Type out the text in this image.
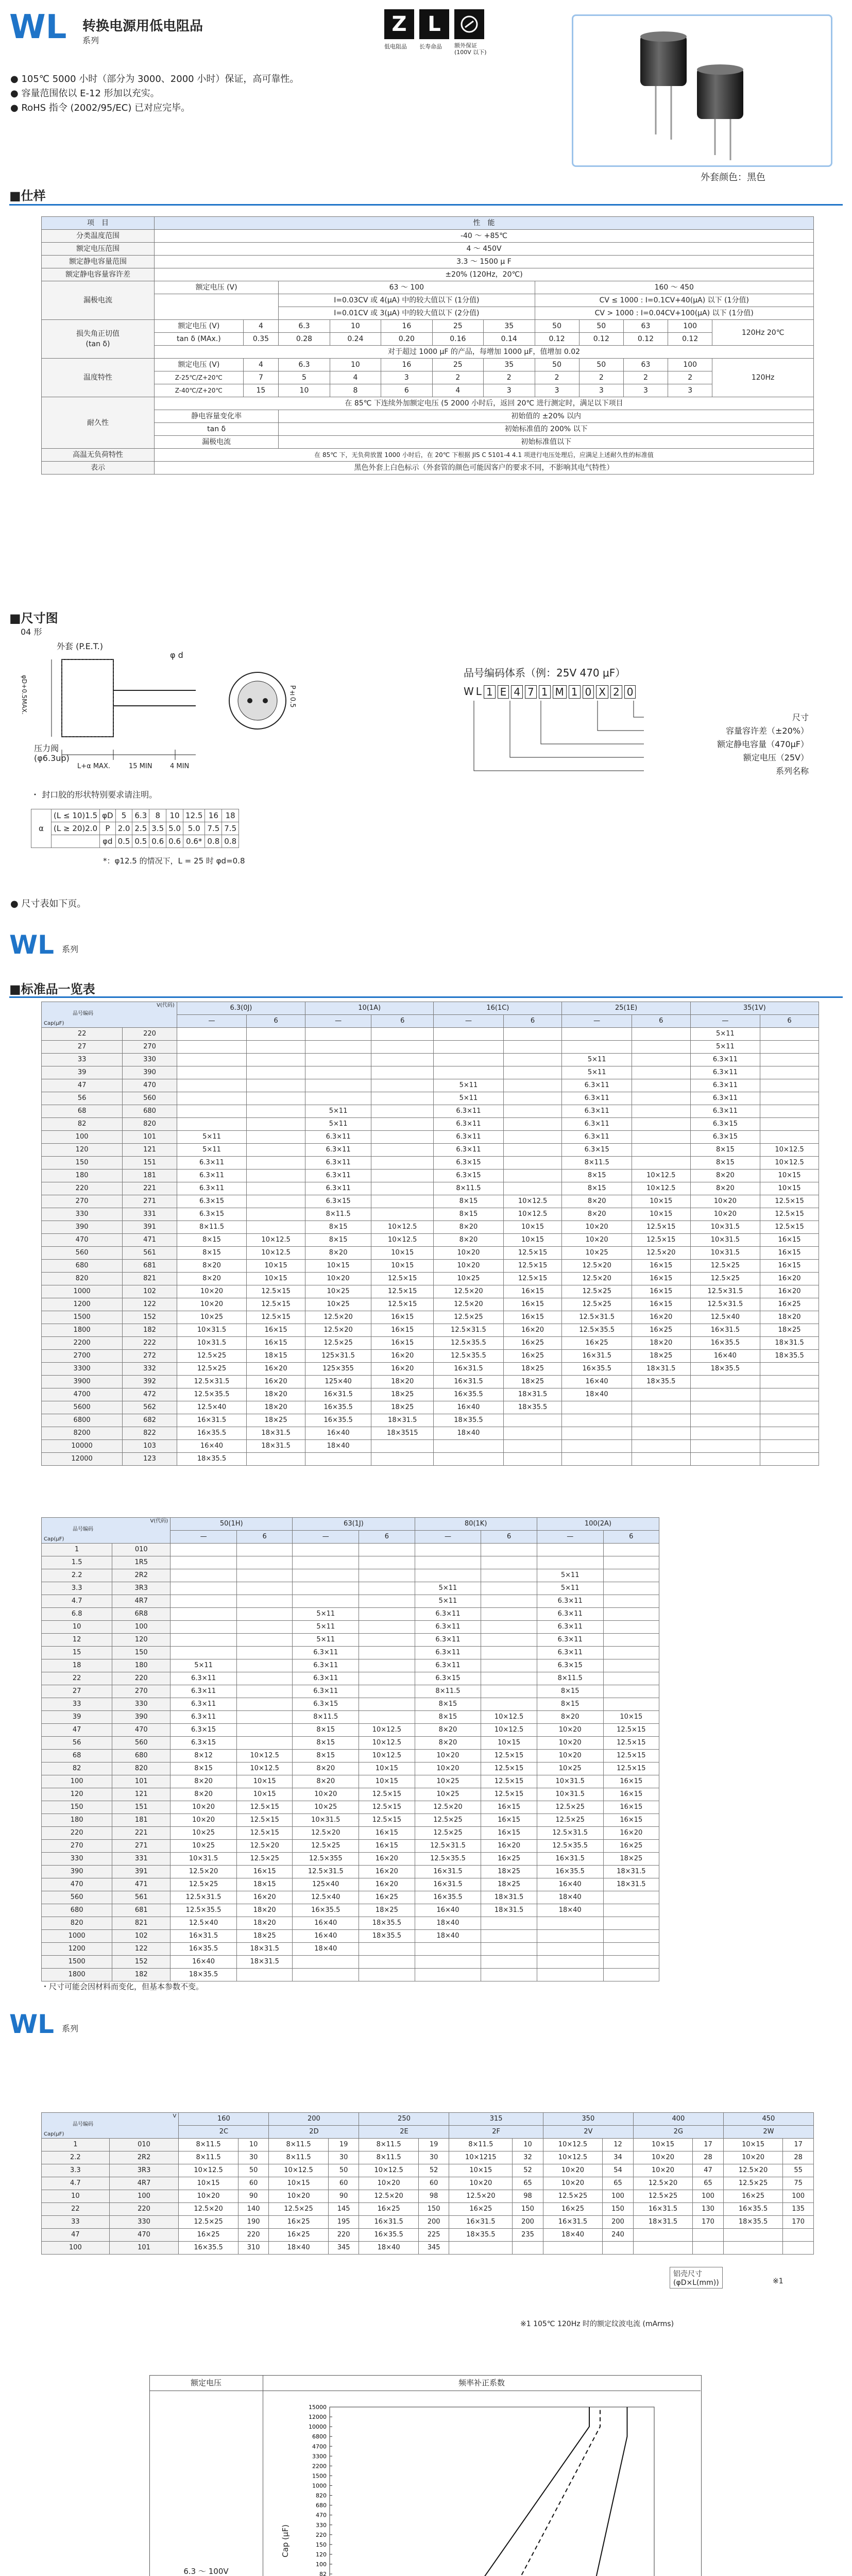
WL 转换电源用低电阻品
系列
Z L
低电阻品 长寿命品 额外保证
(100V 以下)
● 105℃ 5000 小时（部分为 3000、2000 小时）保证，高可靠性。
● 容量范围依以 E-12 形加以充实。
● RoHS 指令 (2002/95/EC) 已对应完毕。
外套颜色：黑色
■仕样
项　目	性　能											
分类温度范围	-40 ～ +85℃											
额定电压范围	4 ～ 450V											
额定静电容量范围	3.3 ～ 1500 μ F											
额定静电容量容许差	±20% (120Hz，20℃)											
漏极电流	额定电压 (V)		63 ～ 100					160 ～ 450				
			I=0.03CV 或 4(μA) 中的较大值以下 (1分值)					CV ≤ 1000 : I=0.1CV+40(μA) 以下 (1分值)				
			I=0.01CV 或 3(μA) 中的较大值以下 (2分值)					CV > 1000 : I=0.04CV+100(μA) 以下 (1分值)				
损失角正切值
(tan δ)	额定电压 (V)	4	6.3	10	16	25	35	50	50	63	100	120Hz 20℃
	tan δ (MAx.)	0.35	0.28	0.24	0.20	0.16	0.14	0.12	0.12	0.12	0.12	
	对于超过 1000 μF 的产品，每增加 1000 μF，值增加 0.02											
温度特性	额定电压 (V)	4	6.3	10	16	25	35	50	50	63	100	120Hz
	Z-25℃/Z+20℃	7	5	4	3	2	2	2	2	2	2	
	Z-40℃/Z+20℃	15	10	8	6	4	3	3	3	3	3	
耐久性	在 85℃ 下连续外加额定电压 (5 2000 小时后，返回 20℃ 进行测定时，满足以下项目											
	静电容量变化率		初始值的 ±20% 以内									
	tan δ		初始标准值的 200% 以下									
	漏极电流		初始标准值以下									
高温无负荷特性	在 85℃ 下，无负荷放置 1000 小时后，在 20℃ 下根据 JIS C 5101-4 4.1 项进行电压处理后，应满足上述耐久性的标准值											
表示	黑色外套上白色标示（外套管的颜色可能因客户的要求不同，不影响其电气特性）											
■尺寸图
04 形
外套 (P.E.T.)
φ d
φD+0.5MAX.
压力阀
(φ6.3up)
L+α MAX.	15 MIN	4 MIN
P±0.5
品号编码体系（例：25V 470 μF）
W L 1 E 4 7 1 M 1 0 X 2 0
尺寸
容量容许差（±20%）
额定静电容量（470μF）
额定电压（25V）
系列名称
・ 封口胶的形状特别要求请注明。
α	(L ≤ 10)1.5	φD	5	6.3	8	10	12.5	16	18
	(L ≥ 20)2.0	P	2.0	2.5	3.5	5.0	5.0	7.5	7.5
		φd	0.5	0.5	0.6	0.6	0.6*	0.8	0.8
*：φ12.5 的情况下，L = 25 时 φd=0.8
● 尺寸表如下页。
WL 系列
■标准品一览表
V(代码)
Cap(μF)
品号编码		6.3(0J)		10(1A)		16(1C)		25(1E)		35(1V)	
		—	6	—	6	—	6	—	6	—	6
22	220									5×11	
27	270									5×11	
33	330							5×11		6.3×11	
39	390							5×11		6.3×11	
47	470					5×11		6.3×11		6.3×11	
56	560					5×11		6.3×11		6.3×11	
68	680			5×11		6.3×11		6.3×11		6.3×11	
82	820			5×11		6.3×11		6.3×11		6.3×15	
100	101	5×11		6.3×11		6.3×11		6.3×11		6.3×15	
120	121	5×11		6.3×11		6.3×11		6.3×15		8×15	10×12.5
150	151	6.3×11		6.3×11		6.3×15		8×11.5		8×15	10×12.5
180	181	6.3×11		6.3×11		6.3×15		8×15	10×12.5	8×20	10×15
220	221	6.3×11		6.3×11		8×11.5		8×15	10×12.5	8×20	10×15
270	271	6.3×15		6.3×15		8×15	10×12.5	8×20	10×15	10×20	12.5×15
330	331	6.3×15		8×11.5		8×15	10×12.5	8×20	10×15	10×20	12.5×15
390	391	8×11.5		8×15	10×12.5	8×20	10×15	10×20	12.5×15	10×31.5	12.5×15
470	471	8×15	10×12.5	8×15	10×12.5	8×20	10×15	10×20	12.5×15	10×31.5	16×15
560	561	8×15	10×12.5	8×20	10×15	10×20	12.5×15	10×25	12.5×20	10×31.5	16×15
680	681	8×20	10×15	10×15	10×15	10×20	12.5×15	12.5×20	16×15	12.5×25	16×15
820	821	8×20	10×15	10×20	12.5×15	10×25	12.5×15	12.5×20	16×15	12.5×25	16×20
1000	102	10×20	12.5×15	10×25	12.5×15	12.5×20	16×15	12.5×25	16×15	12.5×31.5	16×20
1200	122	10×20	12.5×15	10×25	12.5×15	12.5×20	16×15	12.5×25	16×15	12.5×31.5	16×25
1500	152	10×25	12.5×15	12.5×20	16×15	12.5×25	16×15	12.5×31.5	16×20	12.5×40	18×20
1800	182	10×31.5	16×15	12.5×20	16×15	12.5×31.5	16×20	12.5×35.5	16×25	16×31.5	18×25
2200	222	10×31.5	16×15	12.5×25	16×15	12.5×35.5	16×25	16×25	18×20	16×35.5	18×31.5
2700	272	12.5×25	18×15	125×31.5	16×20	12.5×35.5	16×25	16×31.5	18×25	16×40	18×35.5
3300	332	12.5×25	16×20	125×355	16×20	16×31.5	18×25	16×35.5	18×31.5	18×35.5	
3900	392	12.5×31.5	16×20	125×40	18×20	16×31.5	18×25	16×40	18×35.5		
4700	472	12.5×35.5	18×20	16×31.5	18×25	16×35.5	18×31.5	18×40			
5600	562	12.5×40	18×20	16×35.5	18×25	16×40	18×35.5				
6800	682	16×31.5	18×25	16×35.5	18×31.5	18×35.5					
8200	822	16×35.5	18×31.5	16×40	18×3515	18×40					
10000	103	16×40	18×31.5	18×40							
12000	123	18×35.5									
V(代码)
Cap(μF)
品号编码		50(1H)		63(1J)		80(1K)		100(2A)	
		—	6	—	6	—	6	—	6
1	010								
1.5	1R5								
2.2	2R2							5×11	
3.3	3R3					5×11		5×11	
4.7	4R7					5×11		6.3×11	
6.8	6R8			5×11		6.3×11		6.3×11	
10	100			5×11		6.3×11		6.3×11	
12	120			5×11		6.3×11		6.3×11	
15	150			6.3×11		6.3×11		6.3×11	
18	180	5×11		6.3×11		6.3×11		6.3×15	
22	220	6.3×11		6.3×11		6.3×15		8×11.5	
27	270	6.3×11		6.3×11		8×11.5		8×15	
33	330	6.3×11		6.3×15		8×15		8×15	
39	390	6.3×11		8×11.5		8×15	10×12.5	8×20	10×15
47	470	6.3×15		8×15	10×12.5	8×20	10×12.5	10×20	12.5×15
56	560	6.3×15		8×15	10×12.5	8×20	10×15	10×20	12.5×15
68	680	8×12	10×12.5	8×15	10×12.5	10×20	12.5×15	10×20	12.5×15
82	820	8×15	10×12.5	8×20	10×15	10×20	12.5×15	10×25	12.5×15
100	101	8×20	10×15	8×20	10×15	10×25	12.5×15	10×31.5	16×15
120	121	8×20	10×15	10×20	12.5×15	10×25	12.5×15	10×31.5	16×15
150	151	10×20	12.5×15	10×25	12.5×15	12.5×20	16×15	12.5×25	16×15
180	181	10×20	12.5×15	10×31.5	12.5×15	12.5×25	16×15	12.5×25	16×15
220	221	10×25	12.5×15	12.5×20	16×15	12.5×25	16×15	12.5×31.5	16×20
270	271	10×25	12.5×20	12.5×25	16×15	12.5×31.5	16×20	12.5×35.5	16×25
330	331	10×31.5	12.5×25	12.5×355	16×20	12.5×35.5	16×25	16×31.5	18×25
390	391	12.5×20	16×15	12.5×31.5	16×20	16×31.5	18×25	16×35.5	18×31.5
470	471	12.5×25	18×15	125×40	16×20	16×31.5	18×25	16×40	18×31.5
560	561	12.5×31.5	16×20	12.5×40	16×25	16×35.5	18×31.5	18×40	
680	681	12.5×35.5	18×20	16×35.5	18×25	16×40	18×31.5	18×40	
820	821	12.5×40	18×20	16×40	18×35.5	18×40			
1000	102	16×31.5	18×25	16×40	18×35.5	18×40			
1200	122	16×35.5	18×31.5	18×40					
1500	152	16×40	18×31.5						
1800	182	18×35.5							
・尺寸可能会因材料而变化，但基本参数不变。
WL 系列
V
Cap(μF)
品号编码		160		200		250		315		350		400		450	
		2C		2D		2E		2F		2V		2G		2W	
1	010	8×11.5	10	8×11.5	19	8×11.5	19	8×11.5	10	10×12.5	12	10×15	17	10×15	17
2.2	2R2	8×11.5	30	8×11.5	30	8×11.5	30	10×1215	32	10×12.5	34	10×20	28	10×20	28
3.3	3R3	10×12.5	50	10×12.5	50	10×12.5	52	10×15	52	10×20	54	10×20	47	12.5×20	55
4.7	4R7	10×15	60	10×15	60	10×20	60	10×20	65	10×20	65	12.5×20	65	12.5×25	75
10	100	10×20	90	10×20	90	12.5×20	98	12.5×20	98	12.5×25	100	12.5×25	100	16×25	100
22	220	12.5×20	140	12.5×25	145	16×25	150	16×25	150	16×25	150	16×31.5	130	16×35.5	135
33	330	12.5×25	190	16×25	195	16×31.5	200	16×31.5	200	16×31.5	200	18×31.5	170	18×35.5	170
47	470	16×25	220	16×25	220	16×35.5	225	18×35.5	235	18×40	240				
100	101	16×35.5	310	18×40	345	18×40	345								
铝壳尺寸
(φD×L(mm))	※1
※1 105℃ 120Hz 时的额定纹波电流 (mArms)
额定电压	频率补正系数
6.3 ～ 100V

15000
12000
10000
6800
4700
3300
2200
1500
1000
820
680
470
330
220
150
120
100
82
Cap (μF)
